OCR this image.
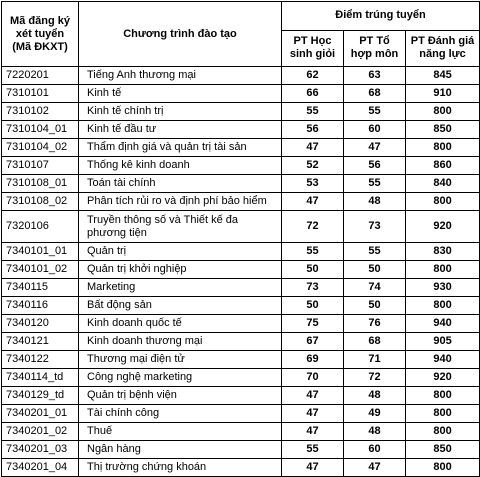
Mã đăng ký xét tuyển (Mã ĐKXT)	Chương trình đào tạo	Điểm trúng tuyển		
		PT Học sinh giỏi	PT Tổ hợp môn	PT Đánh giá năng lực
7220201	Tiếng Anh thương mại	62	63	845
7310101	Kinh tế	66	68	910
7310102	Kinh tế chính trị	55	55	800
7310104_01	Kinh tế đầu tư	56	60	850
7310104_02	Thẩm định giá và quản trị tài sản	47	47	800
7310107	Thống kê kinh doanh	52	56	860
7310108_01	Toán tài chính	53	55	840
7310108_02	Phân tích rủi ro và định phí bảo hiểm	47	48	800
7320106	Truyền thông số và Thiết kế đa phương tiện	72	73	920
7340101_01	Quản trị	55	55	830
7340101_02	Quản trị khởi nghiệp	50	50	800
7340115	Marketing	73	74	930
7340116	Bất động sản	50	50	800
7340120	Kinh doanh quốc tế	75	76	940
7340121	Kinh doanh thương mại	67	68	905
7340122	Thương mại điện tử	69	71	940
7340114_td	Công nghệ marketing	70	72	920
7340129_td	Quản trị bệnh viện	47	48	800
7340201_01	Tài chính công	47	49	800
7340201_02	Thuế	47	48	800
7340201_03	Ngân hàng	55	60	850
7340201_04	Thị trường chứng khoán	47	47	800
